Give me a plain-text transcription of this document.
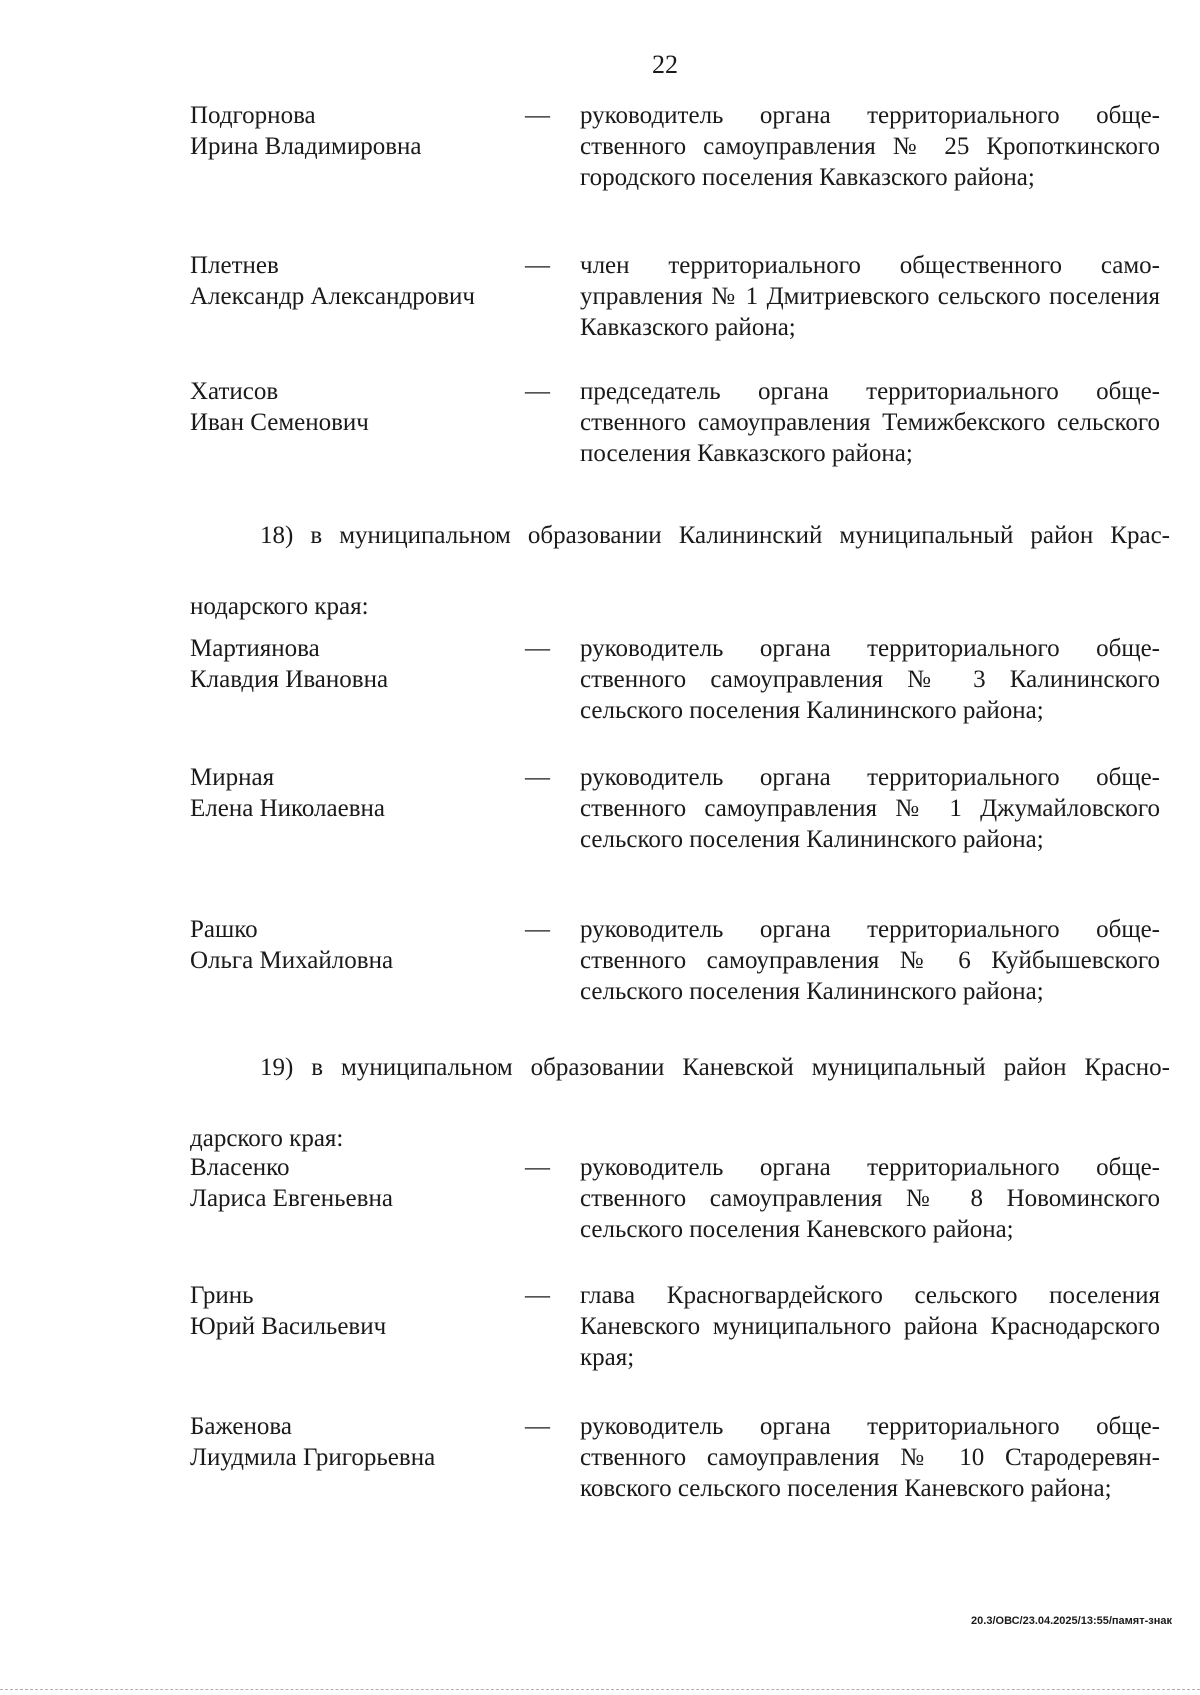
22
Подгорнова
Ирина Владимировна
—	руководитель органа территориального общественного самоуправления № 25 Кропоткинского городского поселения Кавказского района;
Плетнев
Александр Александрович
—	член территориального общественного самоуправления № 1 Дмитриевского сельского поселения Кавказского района;
Хатисов
Иван Семенович
—	председатель органа территориального общественного самоуправления Темижбекского сельского поселения Кавказского района;
18) в муниципальном образовании Калининский муниципальный район Крас-
нодарского края:
Мартиянова
Клавдия Ивановна
—	руководитель органа территориального общественного самоуправления № 3 Калининского сельского поселения Калининского района;
Мирная
Елена Николаевна
—	руководитель органа территориального общественного самоуправления № 1 Джумайловского сельского поселения Калининского района;
Рашко
Ольга Михайловна
—	руководитель органа территориального общественного самоуправления № 6 Куйбышевского сельского поселения Калининского района;
19) в муниципальном образовании Каневской муниципальный район Красно-
дарского края:
Власенко
Лариса Евгеньевна
—	руководитель органа территориального общественного самоуправления № 8 Новоминского сельского поселения Каневского района;
Гринь
Юрий Васильевич
—	глава Красногвардейского сельского поселения Каневского муниципального района Краснодарского края;
Баженова
Лиудмила Григорьевна
—	руководитель органа территориального общественного самоуправления № 10 Стародеревянковского сельского поселения Каневского района;
20.3/ОВС/23.04.2025/13:55/памят-знак
